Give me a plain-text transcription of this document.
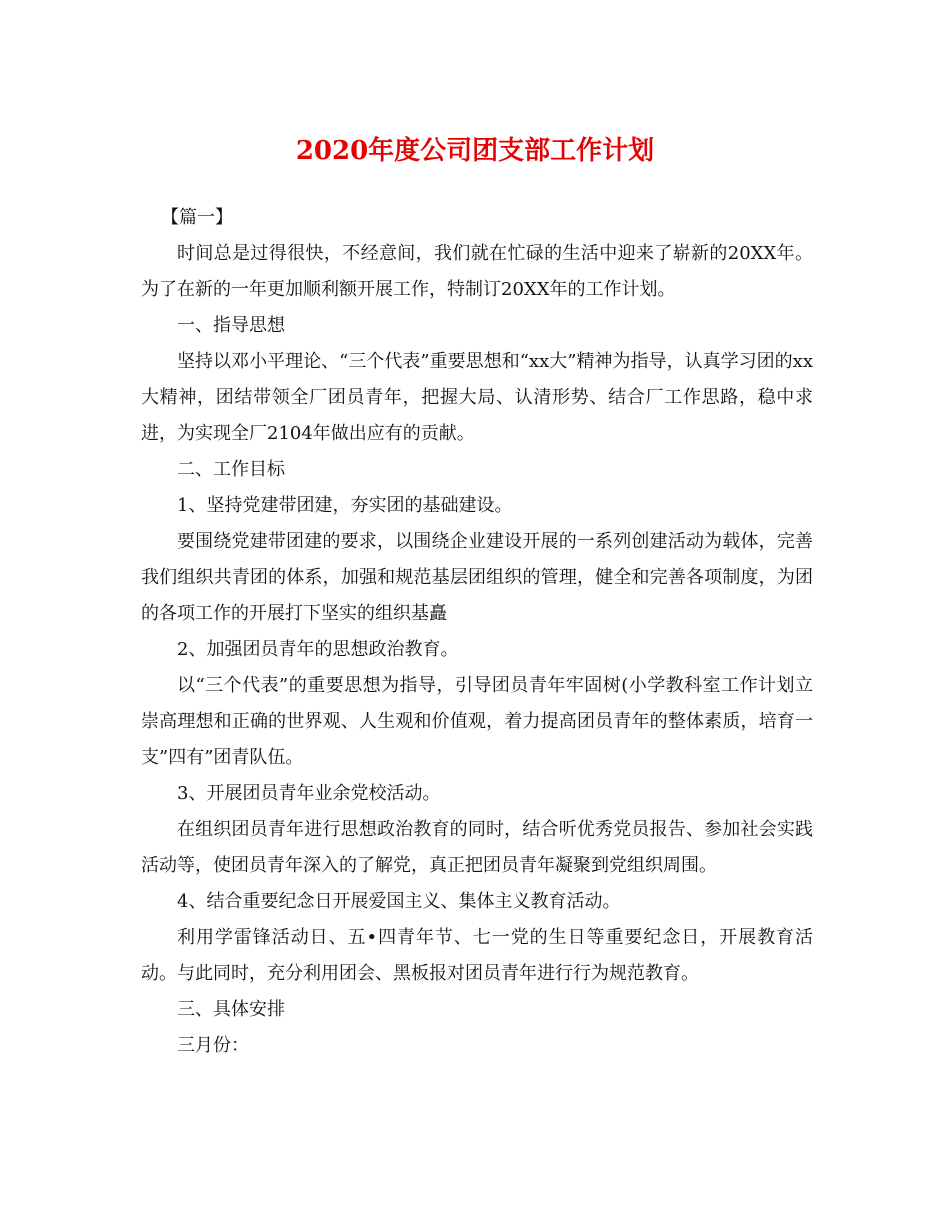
2020年度公司团支部工作计划

【篇一】

时间总是过得很快，不经意间，我们就在忙碌的生活中迎来了崭新的20XX年。为了在新的一年更加顺利额开展工作，特制订20XX年的工作计划。

一、指导思想

坚持以邓小平理论、“三个代表”重要思想和“xx大”精神为指导，认真学习团的xx大精神，团结带领全厂团员青年，把握大局、认清形势、结合厂工作思路，稳中求进，为实现全厂2104年做出应有的贡献。

二、工作目标

1、坚持党建带团建，夯实团的基础建设。

要围绕党建带团建的要求，以围绕企业建设开展的一系列创建活动为载体，完善我们组织共青团的体系，加强和规范基层团组织的管理，健全和完善各项制度，为团的各项工作的开展打下坚实的组织基矗

2、加强团员青年的思想政治教育。

以“三个代表”的重要思想为指导，引导团员青年牢固树(小学教科室工作计划立崇高理想和正确的世界观、人生观和价值观，着力提高团员青年的整体素质，培育一支”四有”团青队伍。

3、开展团员青年业余党校活动。

在组织团员青年进行思想政治教育的同时，结合听优秀党员报告、参加社会实践活动等，使团员青年深入的了解党，真正把团员青年凝聚到党组织周围。

4、结合重要纪念日开展爱国主义、集体主义教育活动。

利用学雷锋活动日、五•四青年节、七一党的生日等重要纪念日，开展教育活动。与此同时，充分利用团会、黑板报对团员青年进行行为规范教育。

三、具体安排

三月份：
